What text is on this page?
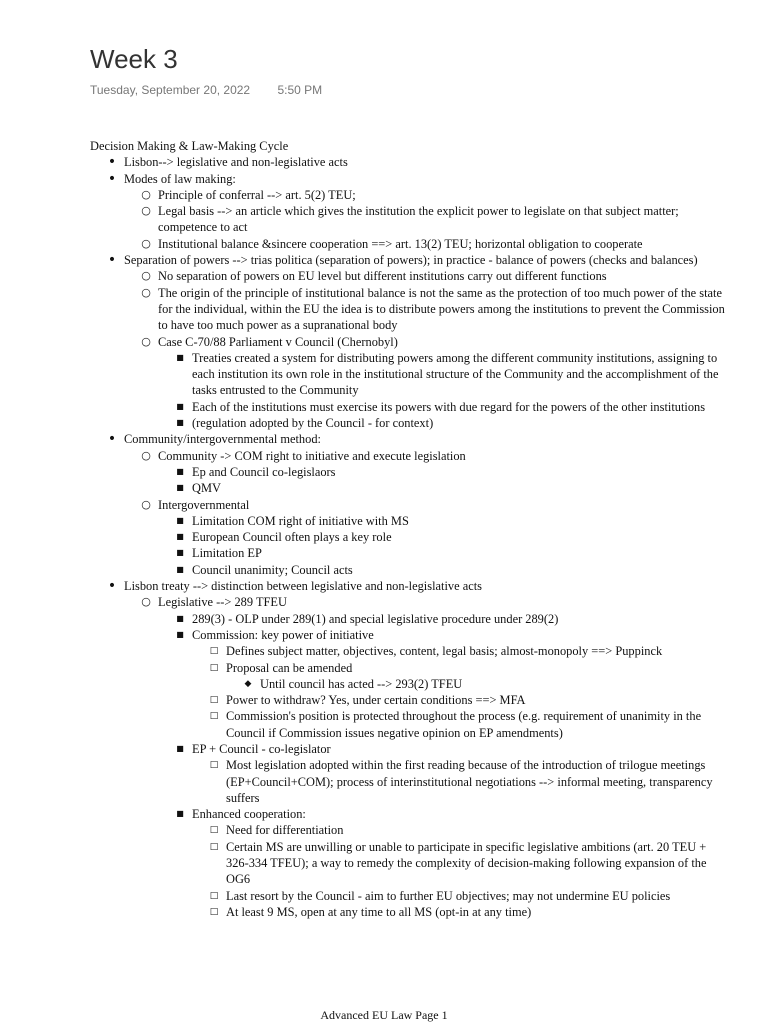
Week 3
Tuesday, September 20, 2022 5:50 PM
Decision Making & Law-Making Cycle
• Lisbon--> legislative and non-legislative acts
• Modes of law making:
○ Principle of conferral --> art. 5(2) TEU;
○ Legal basis --> an article which gives the institution the explicit power to legislate on that subject matter; competence to act
○ Institutional balance &sincere cooperation ==> art. 13(2) TEU; horizontal obligation to cooperate
• Separation of powers --> trias politica (separation of powers); in practice - balance of powers (checks and balances)
○ No separation of powers on EU level but different institutions carry out different functions
○ The origin of the principle of institutional balance is not the same as the protection of too much power of the state for the individual, within the EU the idea is to distribute powers among the institutions to prevent the Commission to have too much power as a supranational body
○ Case C-70/88 Parliament v Council (Chernobyl)
■ Treaties created a system for distributing powers among the different community institutions, assigning to each institution its own role in the institutional structure of the Community and the accomplishment of the tasks entrusted to the Community
■ Each of the institutions must exercise its powers with due regard for the powers of the other institutions
■ (regulation adopted by the Council - for context)
• Community/intergovernmental method:
○ Community -> COM right to initiative and execute legislation
■ Ep and Council co-legislaors
■ QMV
○ Intergovernmental
■ Limitation COM right of initiative with MS
■ European Council often plays a key role
■ Limitation EP
■ Council unanimity; Council acts
• Lisbon treaty --> distinction between legislative and non-legislative acts
○ Legislative --> 289 TFEU
■ 289(3) - OLP under 289(1) and special legislative procedure under 289(2)
■ Commission: key power of initiative
□ Defines subject matter, objectives, content, legal basis; almost-monopoly ==> Puppinck
□ Proposal can be amended
◆ Until council has acted --> 293(2) TFEU
□ Power to withdraw? Yes, under certain conditions ==> MFA
□ Commission's position is protected throughout the process (e.g. requirement of unanimity in the Council if Commission issues negative opinion on EP amendments)
■ EP + Council - co-legislator
□ Most legislation adopted within the first reading because of the introduction of trilogue meetings (EP+Council+COM); process of interinstitutional negotiations --> informal meeting, transparency suffers
■ Enhanced cooperation:
□ Need for differentiation
□ Certain MS are unwilling or unable to participate in specific legislative ambitions (art. 20 TEU + 326-334 TFEU); a way to remedy the complexity of decision-making following expansion of the OG6
□ Last resort by the Council - aim to further EU objectives; may not undermine EU policies
□ At least 9 MS, open at any time to all MS (opt-in at any time)
Advanced EU Law Page 1
